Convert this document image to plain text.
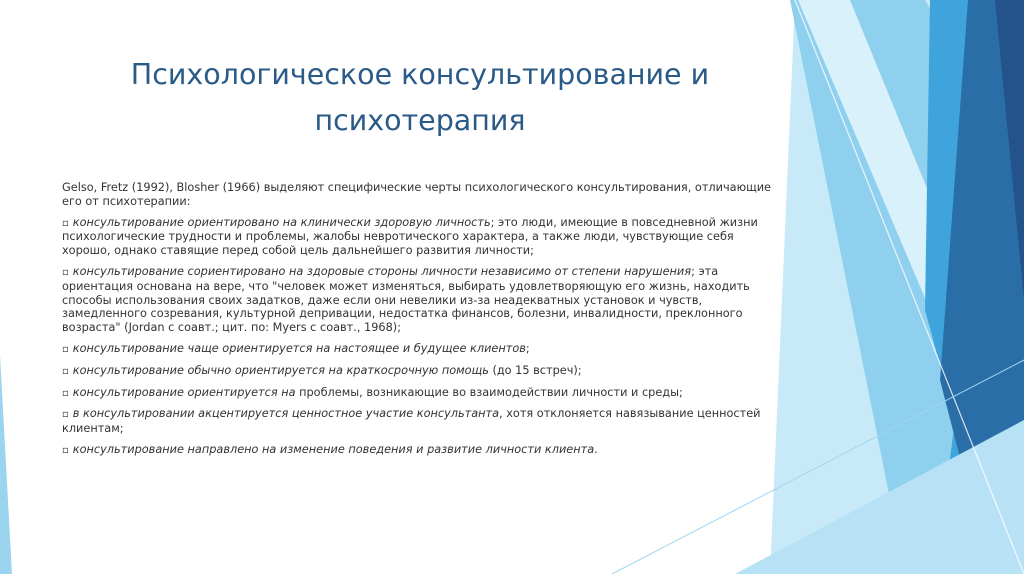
Психологическое консультирование и психотерапия
Gelso, Fretz (1992), Blosher (1966) выделяют специфические черты психологического консультирования, отличающие его от психотерапии:
▫ консультирование ориентировано на клинически здоровую личность; это люди, имеющие в повседневной жизни психологические трудности и проблемы, жалобы невротического характера, а также люди, чувствующие себя хорошо, однако ставящие перед собой цель дальнейшего развития личности;
▫ консультирование сориентировано на здоровые стороны личности независимо от степени нарушения; эта ориентация основана на вере, что "человек может изменяться, выбирать удовлетворяющую его жизнь, находить способы использования своих задатков, даже если они невелики из-за неадекватных установок и чувств, замедленного созревания, культурной депривации, недостатка финансов, болезни, инвалидности, преклонного возраста" (Jordan с соавт.; цит. по: Myers с соавт., 1968);
▫ консультирование чаще ориентируется на настоящее и будущее клиентов;
▫ консультирование обычно ориентируется на краткосрочную помощь (до 15 встреч);
▫ консультирование ориентируется на проблемы, возникающие во взаимодействии личности и среды;
▫ в консультировании акцентируется ценностное участие консультанта, хотя отклоняется навязывание ценностей клиентам;
▫ консультирование направлено на изменение поведения и развитие личности клиента.
